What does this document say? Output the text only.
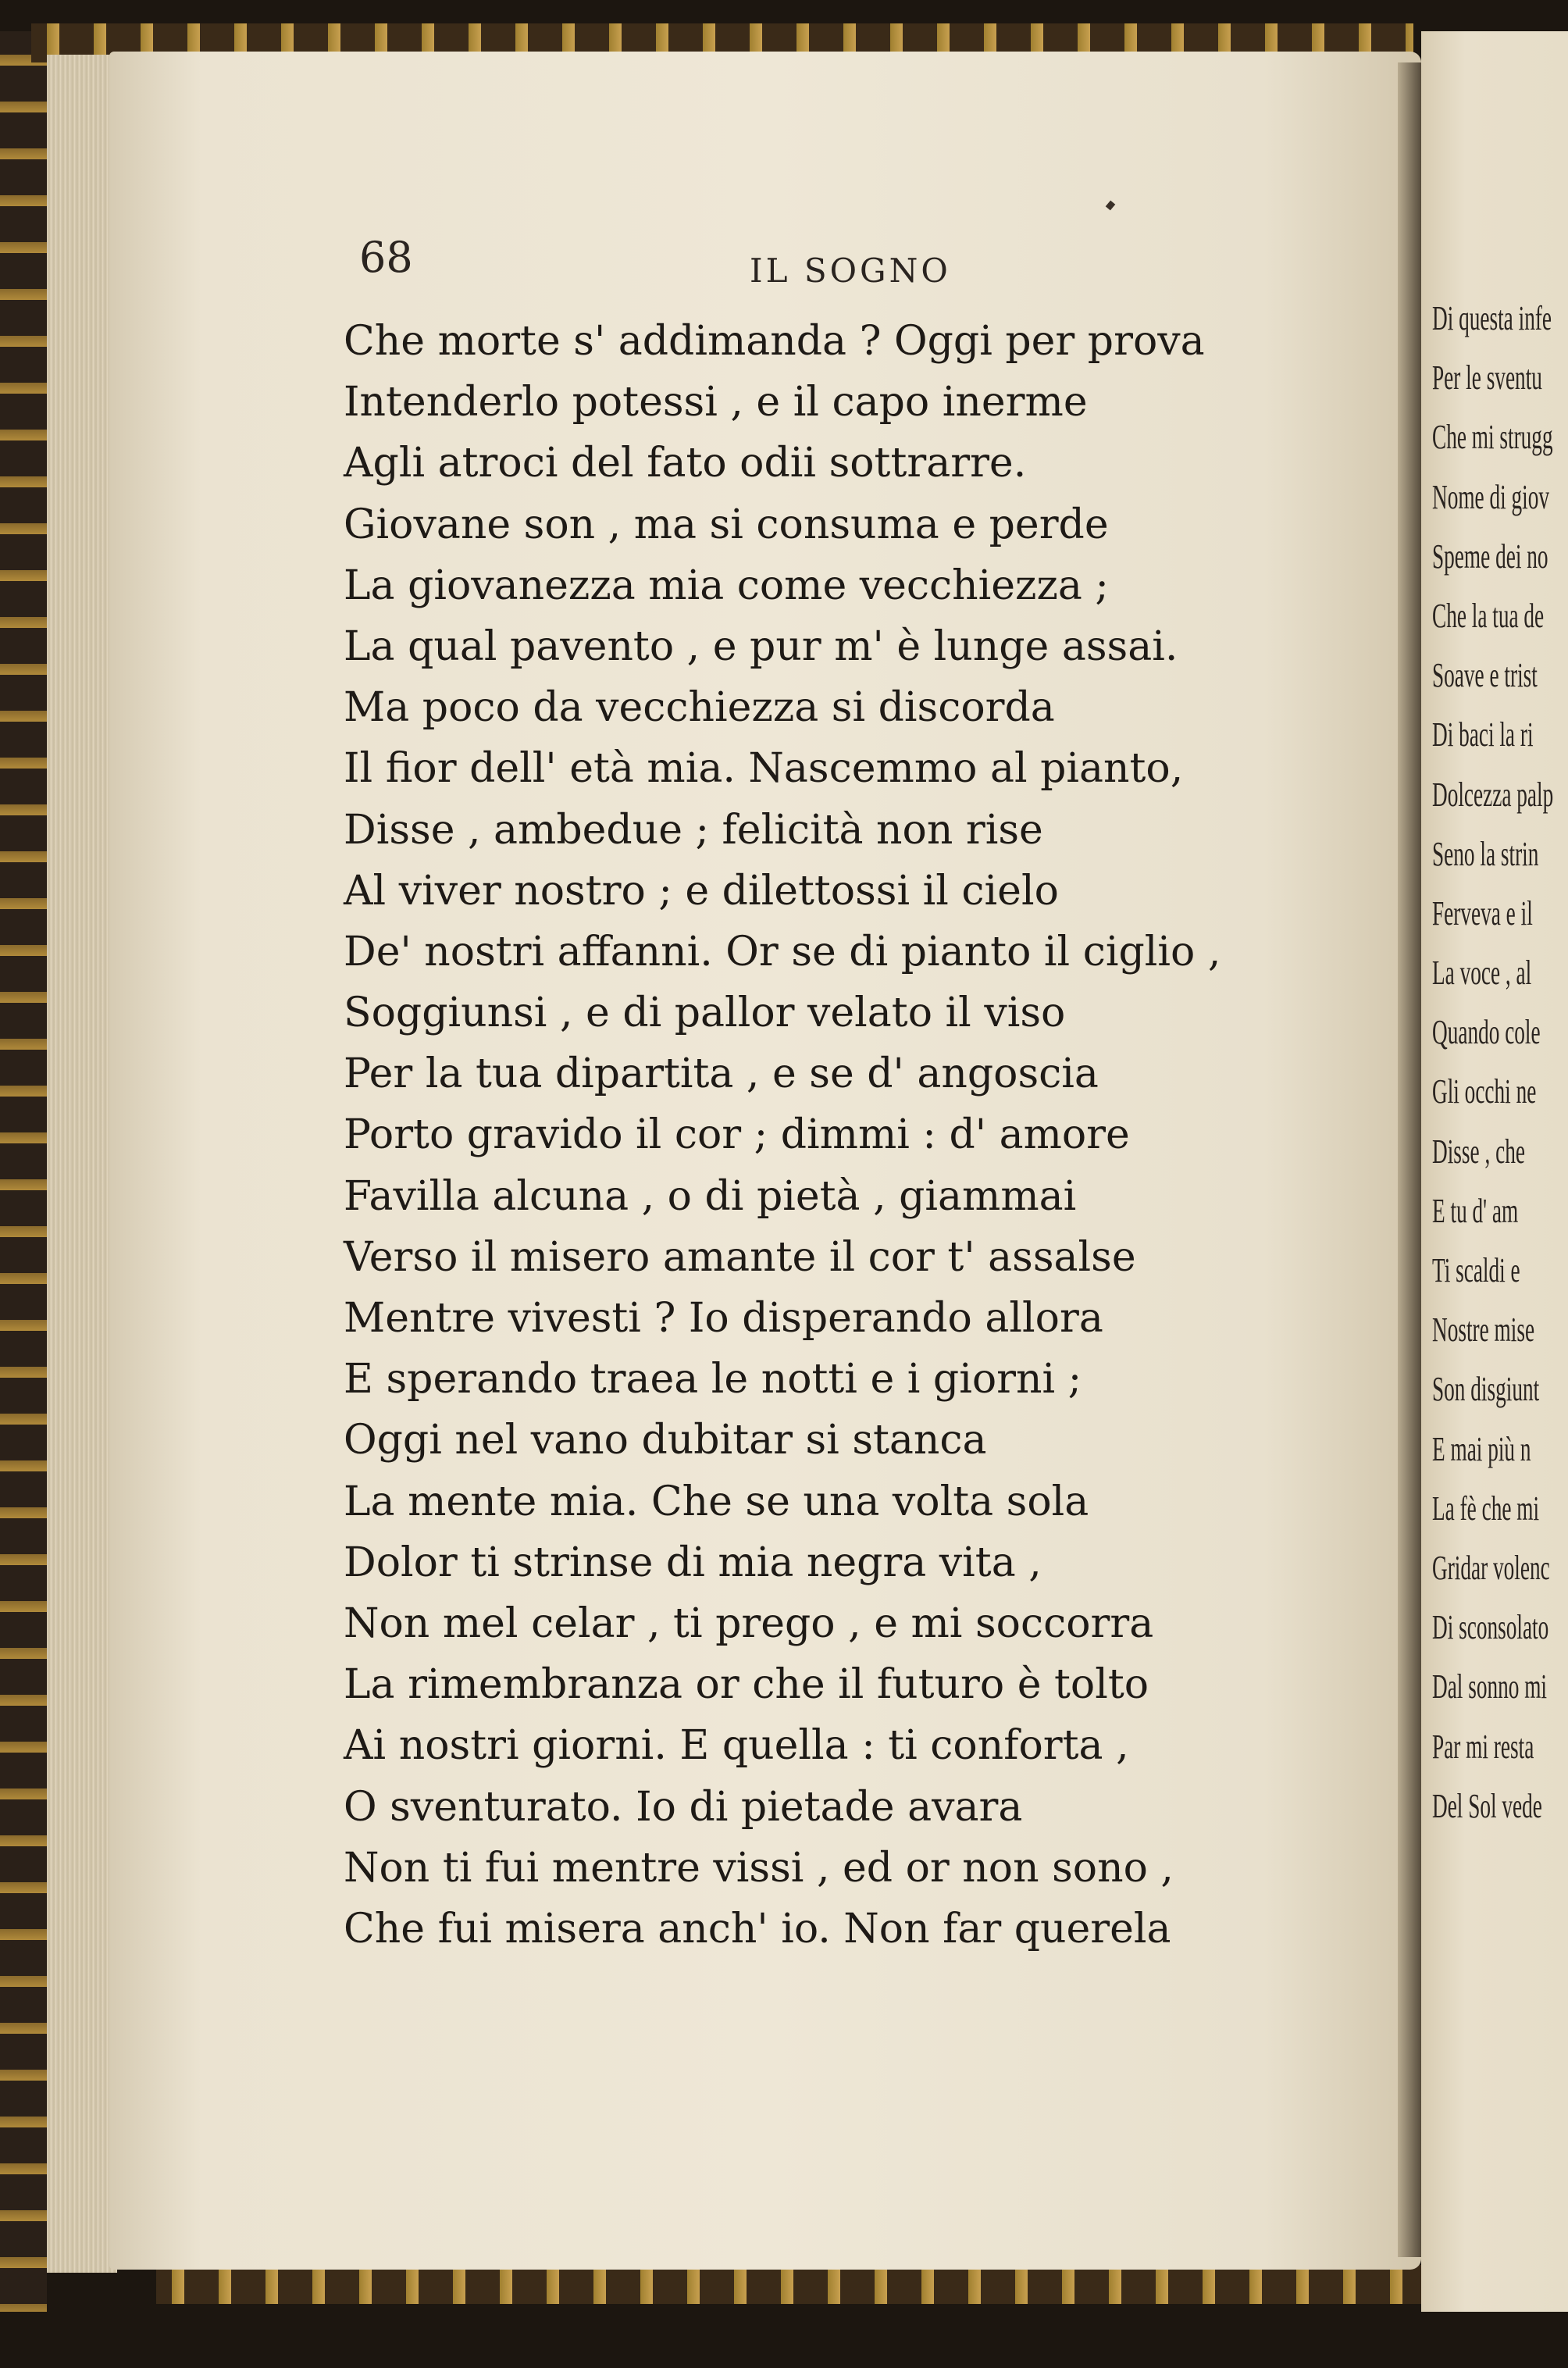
68	IL SOGNO
Che morte s' addimanda ? Oggi per prova
Intenderlo potessi , e il capo inerme
Agli atroci del fato odii sottrarre.
Giovane son , ma si consuma e perde
La giovanezza mia come vecchiezza ;
La qual pavento , e pur m' è lunge assai.
Ma poco da vecchiezza si discorda
Il fior dell' età mia. Nascemmo al pianto,
Disse , ambedue ; felicità non rise
Al viver nostro ; e dilettossi il cielo
De' nostri affanni. Or se di pianto il ciglio ,
Soggiunsi , e di pallor velato il viso
Per la tua dipartita , e se d' angoscia
Porto gravido il cor ; dimmi : d' amore
Favilla alcuna , o di pietà , giammai
Verso il misero amante il cor t' assalse
Mentre vivesti ? Io disperando allora
E sperando traea le notti e i giorni ;
Oggi nel vano dubitar si stanca
La mente mia. Che se una volta sola
Dolor ti strinse di mia negra vita ,
Non mel celar , ti prego , e mi soccorra
La rimembranza or che il futuro è tolto
Ai nostri giorni. E quella : ti conforta ,
O sventurato. Io di pietade avara
Non ti fui mentre vissi , ed or non sono ,
Che fui misera anch' io. Non far querela
Di questa infe
Per le sventu
Che mi strugg
Nome di giov
Speme dei no
Che la tua de
Soave e trist
Di baci la ri
Dolcezza palp
Seno la strin
Ferveva e il
La voce , al
Quando cole
Gli occhi ne
Disse , che
E tu d' am
Ti scaldi e
Nostre mise
Son disgiunt
E mai più n
La fè che mi
Gridar volenc
Di sconsolato
Dal sonno mi
Par mi resta
Del Sol vede
